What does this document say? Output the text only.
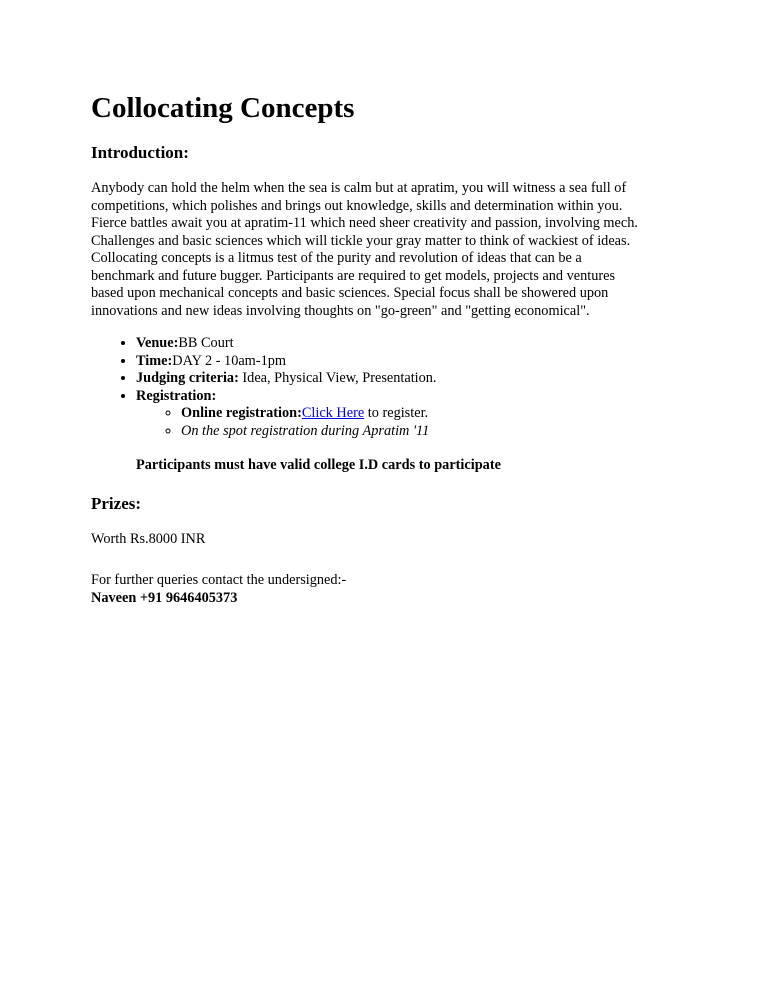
Collocating Concepts
Introduction:

Anybody can hold the helm when the sea is calm but at apratim, you will witness a sea full of
competitions, which polishes and brings out knowledge, skills and determination within you.
Fierce battles await you at apratim-11 which need sheer creativity and passion, involving mech.
Challenges and basic sciences which will tickle your gray matter to think of wackiest of ideas.
Collocating concepts is a litmus test of the purity and revolution of ideas that can be a
benchmark and future bugger. Participants are required to get models, projects and ventures
based upon mechanical concepts and basic sciences. Special focus shall be showered upon
innovations and new ideas involving thoughts on "go-green" and "getting economical".

• Venue:BB Court
• Time:DAY 2 - 10am-1pm
• Judging criteria: Idea, Physical View, Presentation.
• Registration:
◦ Online registration:Click Here to register.
◦ On the spot registration during Apratim '11
Participants must have valid college I.D cards to participate
Prizes:

Worth Rs.8000 INR

For further queries contact the undersigned:-

Naveen +91 9646405373
